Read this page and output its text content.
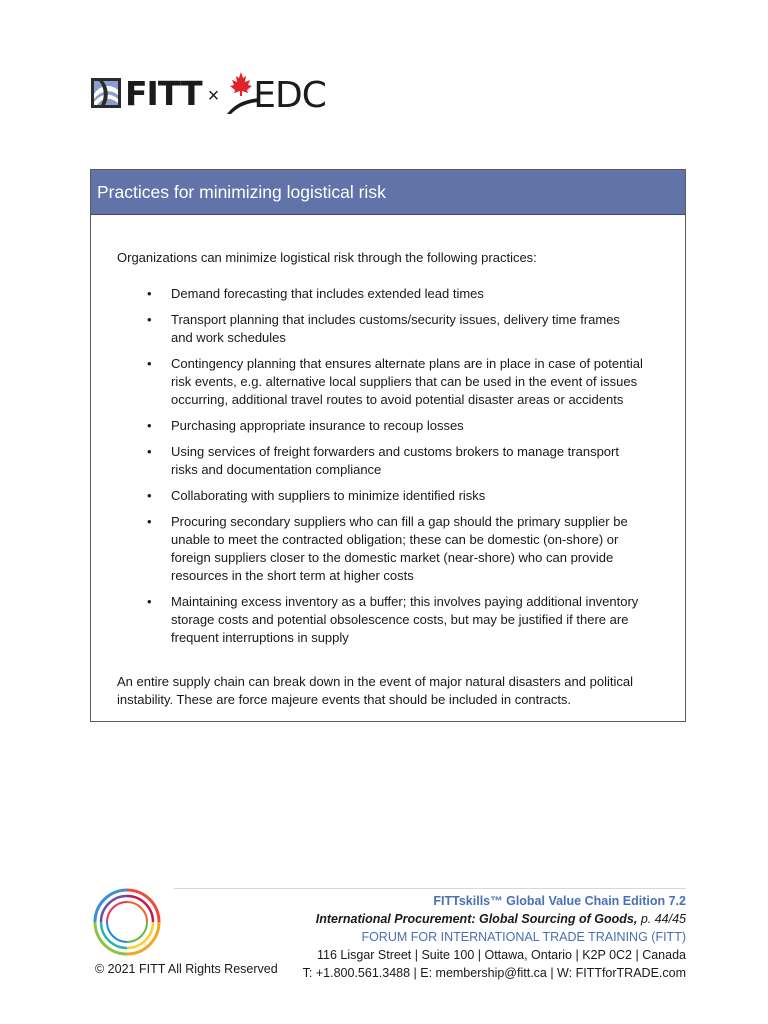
FITT × EDC
Practices for minimizing logistical risk

Organizations can minimize logistical risk through the following practices:

• Demand forecasting that includes extended lead times
• Transport planning that includes customs/security issues, delivery time frames and work schedules
• Contingency planning that ensures alternate plans are in place in case of potential risk events, e.g. alternative local suppliers that can be used in the event of issues occurring, additional travel routes to avoid potential disaster areas or accidents
• Purchasing appropriate insurance to recoup losses
• Using services of freight forwarders and customs brokers to manage transport risks and documentation compliance
• Collaborating with suppliers to minimize identified risks
• Procuring secondary suppliers who can fill a gap should the primary supplier be unable to meet the contracted obligation; these can be domestic (on-shore) or foreign suppliers closer to the domestic market (near-shore) who can provide resources in the short term at higher costs
• Maintaining excess inventory as a buffer; this involves paying additional inventory storage costs and potential obsolescence costs, but may be justified if there are frequent interruptions in supply

An entire supply chain can break down in the event of major natural disasters and political instability. These are force majeure events that should be included in contracts.

© 2021 FITT All Rights Reserved
FITTskills™ Global Value Chain Edition 7.2
International Procurement: Global Sourcing of Goods, p. 44/45
FORUM FOR INTERNATIONAL TRADE TRAINING (FITT)
116 Lisgar Street | Suite 100 | Ottawa, Ontario | K2P 0C2 | Canada
T: +1.800.561.3488 | E: membership@fitt.ca | W: FITTforTRADE.com
